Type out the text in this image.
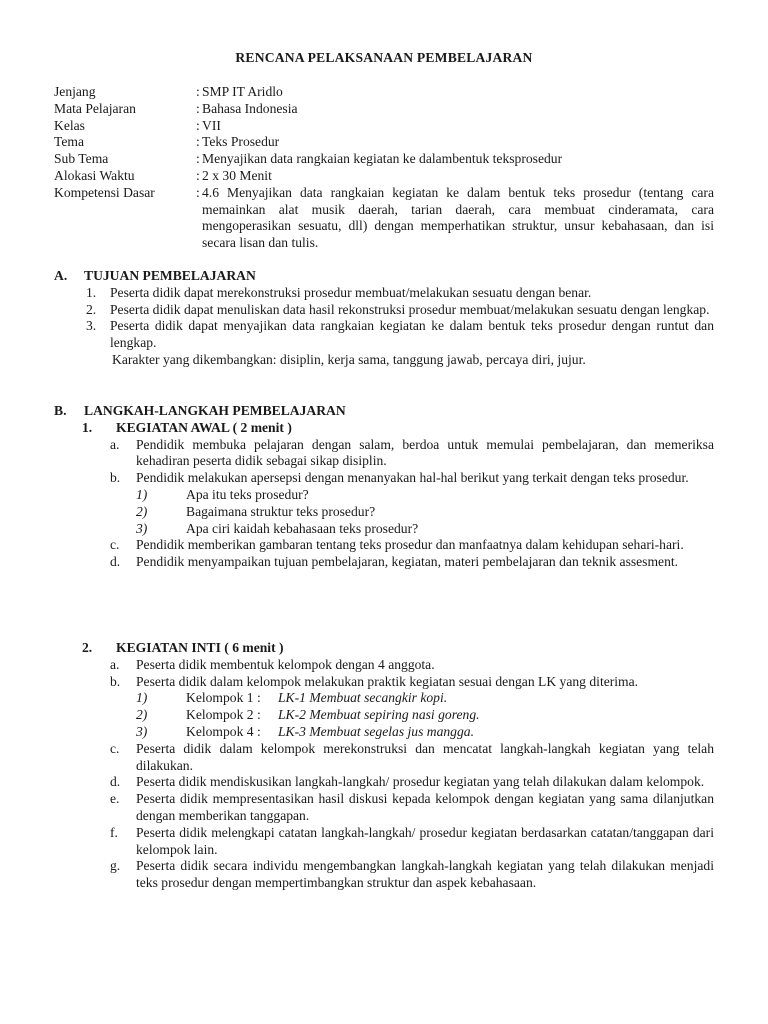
RENCANA PELAKSANAAN PEMBELAJARAN
Jenjang	: SMP IT Aridlo
Mata Pelajaran	: Bahasa Indonesia
Kelas	: VII
Tema	: Teks Prosedur
Sub Tema	: Menyajikan data rangkaian kegiatan ke dalambentuk teksprosedur
Alokasi Waktu	: 2 x 30 Menit
Kompetensi Dasar	: 4.6 Menyajikan data rangkaian kegiatan ke dalam bentuk teks prosedur (tentang cara memainkan alat musik daerah, tarian daerah, cara membuat cinderamata, cara mengoperasikan sesuatu, dll) dengan memperhatikan struktur, unsur kebahasaan, dan isi secara lisan dan tulis.
A.	TUJUAN PEMBELAJARAN
1.	Peserta didik dapat merekonstruksi prosedur membuat/melakukan sesuatu dengan benar.
2.	Peserta didik dapat menuliskan data hasil rekonstruksi prosedur membuat/melakukan sesuatu dengan lengkap.
3.	Peserta didik dapat menyajikan data rangkaian kegiatan ke dalam bentuk teks prosedur dengan runtut dan lengkap.
Karakter yang dikembangkan: disiplin, kerja sama, tanggung jawab, percaya diri, jujur.
B.	LANGKAH-LANGKAH PEMBELAJARAN
1.	KEGIATAN AWAL ( 2 menit )
a.	Pendidik membuka pelajaran dengan salam, berdoa untuk memulai pembelajaran, dan memeriksa kehadiran peserta didik sebagai sikap disiplin.
b.	Pendidik melakukan apersepsi dengan menanyakan hal-hal berikut yang terkait dengan teks prosedur.
1)	Apa itu teks prosedur?
2)	Bagaimana struktur teks prosedur?
3)	Apa ciri kaidah kebahasaan teks prosedur?
c.	Pendidik memberikan gambaran tentang teks prosedur dan manfaatnya dalam kehidupan sehari-hari.
d.	Pendidik menyampaikan tujuan pembelajaran, kegiatan, materi pembelajaran dan teknik assesment.
2.	KEGIATAN INTI ( 6 menit )
a.	Peserta didik membentuk kelompok dengan 4 anggota.
b.	Peserta didik dalam kelompok melakukan praktik kegiatan sesuai dengan LK yang diterima.
1)	Kelompok 1 :	LK-1 Membuat secangkir kopi.
2)	Kelompok 2 :	LK-2 Membuat sepiring nasi goreng.
3)	Kelompok 4 :	LK-3 Membuat segelas jus mangga.
c.	Peserta didik dalam kelompok merekonstruksi dan mencatat langkah-langkah kegiatan yang telah dilakukan.
d.	Peserta didik mendiskusikan langkah-langkah/ prosedur kegiatan yang telah dilakukan dalam kelompok.
e.	Peserta didik mempresentasikan hasil diskusi kepada kelompok dengan kegiatan yang sama dilanjutkan dengan memberikan tanggapan.
f.	Peserta didik melengkapi catatan langkah-langkah/ prosedur kegiatan berdasarkan catatan/tanggapan dari kelompok lain.
g.	Peserta didik secara individu mengembangkan langkah-langkah kegiatan yang telah dilakukan menjadi teks prosedur dengan mempertimbangkan struktur dan aspek kebahasaan.
